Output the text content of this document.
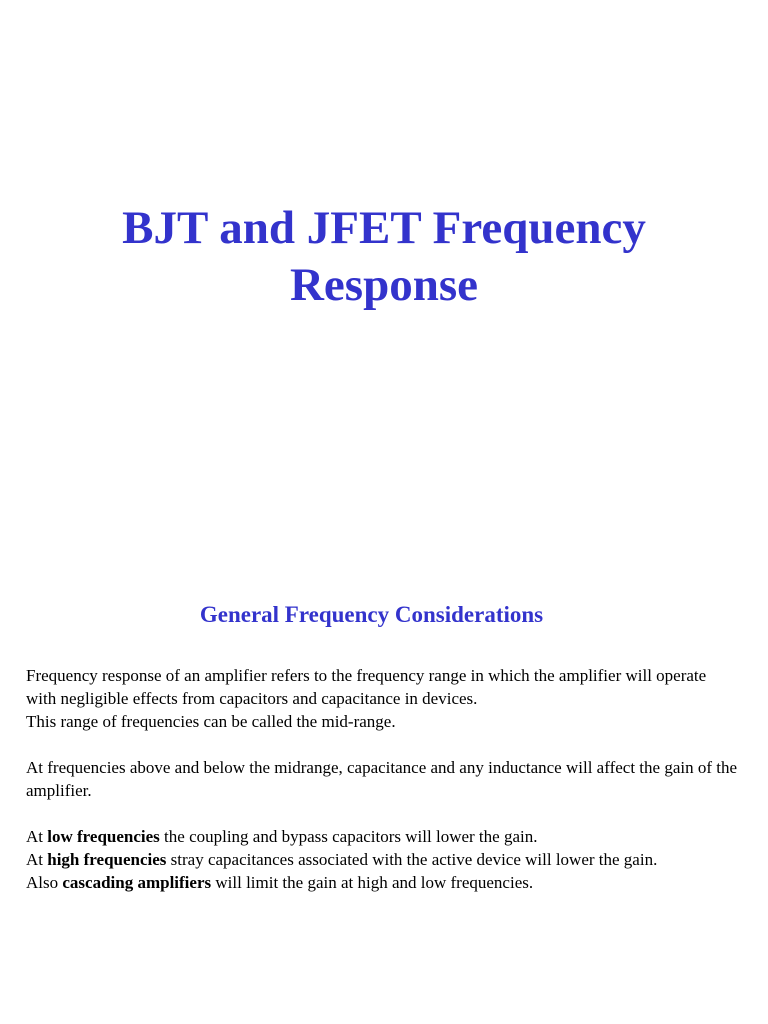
BJT and JFET Frequency
Response
General Frequency Considerations

Frequency response of an amplifier refers to the frequency range in which the amplifier will operate with negligible effects from capacitors and capacitance in devices.

This range of frequencies can be called the mid-range.

At frequencies above and below the midrange, capacitance and any inductance will affect the gain of the amplifier.

At low frequencies the coupling and bypass capacitors will lower the gain.

At high frequencies stray capacitances associated with the active device will lower the gain.

Also cascading amplifiers will limit the gain at high and low frequencies.
